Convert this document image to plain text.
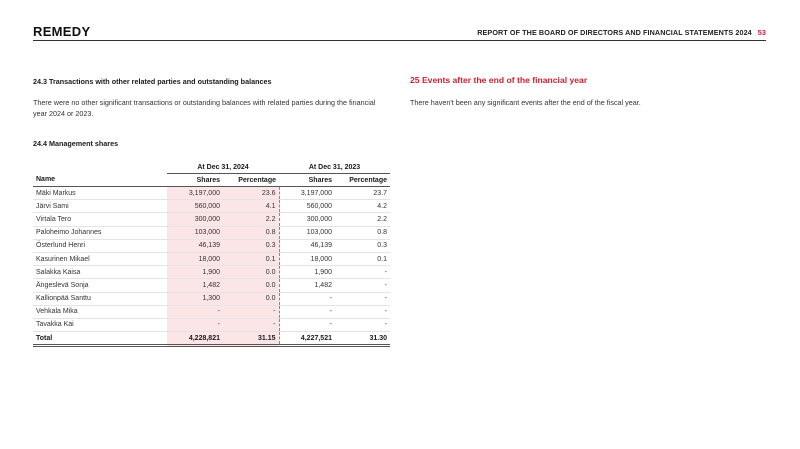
REMEDY	REPORT OF THE BOARD OF DIRECTORS AND FINANCIAL STATEMENTS 2024 53
24.3 Transactions with other related parties and outstanding balances
There were no other significant transactions or outstanding balances with related parties during the financial year 2024 or 2023.
24.4 Management shares
25 Events after the end of the financial year
There haven't been any significant events after the end of the fiscal year.
	At Dec 31, 2024		At Dec 31, 2023	
Name	Shares	Percentage	Shares	Percentage
Mäki Markus	3,197,000	23.6	3,197,000	23.7
Järvi Sami	560,000	4.1	560,000	4.2
Virtala Tero	300,000	2.2	300,000	2.2
Paloheimo Johannes	103,000	0.8	103,000	0.8
Österlund Henri	46,139	0.3	46,139	0.3
Kasurinen Mikael	18,000	0.1	18,000	0.1
Salakka Kaisa	1,900	0.0	1,900	-
Ängeslevä Sonja	1,482	0.0	1,482	-
Kallionpää Santtu	1,300	0.0	-	-
Vehkala Mika	-	-	-	-
Tavakka Kai	-	-	-	-
Total	4,228,821	31.15	4,227,521	31.30
